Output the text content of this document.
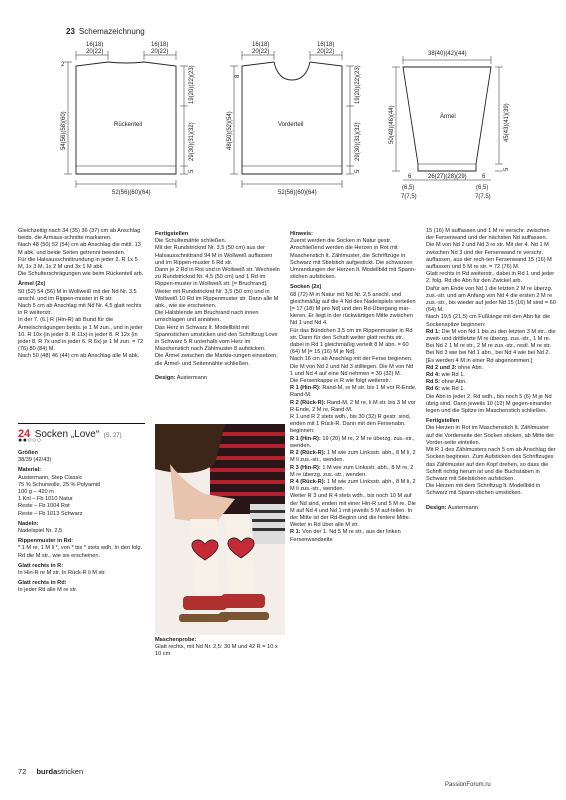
23 Schemazeichnung
16(18)
20(22)
16(18)
20(22)
2
Rückenteil
54(56)(58)(60)
19(20)(22)(23)
29(30)(31)(32)
5
52(56)(60)(64)
16(18)
20(22)
16(18)
20(22)
8
Vorderteil
48(50)(52)(54)
19(20)(22)(23)
29(30)(31)(32)
5
52(56)(60)(64)
38(40)(42)(44)
Ärmel
50(48)(46)(44)	45(43)(41)(39)
5
26(27)(28)(29)
6
(6,5)
7(7,5)
6
(6,5)
7(7,5)

Gleichzeitig nach 34 (35) 36 (37) cm ab Anschlag beids. die Armaus-schnitte markieren.

Nach 48 (50) 52 (54) cm ab Anschlag die mittl. 13 M abk. und beide Seiten getrennt beenden.

Für die Halsausschnittrundung in jeder 2. R 1x 5 M, 1x 3 M, 1x 2 M und 3x 1 M abk.

Die Schulterschrägungen wie beim Rückenteil arb.

Ärmel (2x)

50 (52) 54 (56) M in Wollweiß mit der Nd Nr. 3,5 anschl. und im Rippen-muster in R str.

Nach 5 cm ab Anschlag mit Nd Nr. 4,5 glatt rechts in R weiterstr.

In der 7. (6.) R (Hin-R) ab Bund für die Ärmelschrägungen beids. je 1 M zun., und in jeder 10. R 10x (in jeder 8. R 11x) in jeder 8. R 12x (in jeder 8. R 7x und in jeder 6. R 6x) je 1 M zun. = 72 (76) 80 (84) M.

Nach 50 (48) 46 (44) cm ab Anschlag alle M abk.

24 Socken „Love“ (S. 27)
●●○○○

Größen

38/39 (42/43)

Material:

Austermann, Step Classic

75 % Schurwolle, 25 % Polyamid

100 g – 420 m

1 Knl – Fb 1010 Natur

Reste – Fb 1004 Rot

Reste – Fb 1013 Schwarz

Nadeln:

Nadelspiel Nr. 2,5

Rippenmuster in Rd:

* 1 M re, 1 M li *, von * bis * stets wdh. In den folg. Rd die M str., wie sie erscheinen.

Glatt rechts in R:

In Hin-R re M str. In Rück-R li M str.

Glatt rechts in Rd:

In jeder Rd alle M re str.

Maschenprobe:
Glatt rechts, mit Nd Nr. 2,5: 30 M und 42 R = 10 x 10 cm

Fertigstellen

Die Schultemähte schließen.

Mit der Rundstricknd Nr. 3,5 (50 cm) aus der Halsausschnittrand 94 M in Wollweiß auffassen und im Rippen-muster 6 Rd str.

Dann je 2 Rd in Rot und in Wollweiß str. Wechseln zu Rundstricknd Nr. 4,5 (50 cm) und 1 Rd im Rippen-muster in Wollweiß str. [= Bruchrand]. Weiter mit Rundstricknd Nr. 3,5 (50 cm) und in Wollweiß 10 Rd im Rippenmuster str. Dann alle M abk., wie sie erscheinen.

Die Halsblende am Bruchrand nach innen umschlagen und annähen.

Das Herz in Schwarz lt. Modellbild mit Spannstichen umsticken und den Schriftzug Love in Schwarz 5 R unterhalb vom Herz im Maschenstich nach Zählmuster 8 aufsticken.

Die Ärmel zwischen die Markie-rungen einsetzen, die Ärmel- und Seitennähte schließen.

Design: Austermann

Hinweis:

Zuerst werden die Socken in Natur gestr. Anschließend werden die Herzen in Rot mit Maschenstich lt. Zählmuster, die Schriftzüge in Schwarz mit Stielstich aufgestickt. Die schwarzen Umrandungen der Herzen lt. Modellbild mit Spann-stichen aufsticken.

Socken (2x)

68 (72) M in Natur mit Nd Nr. 2,5 anschl. und gleichmäßig auf die 4 Nd des Nadelspiels verteilen [= 17 (18) M pro Nd] und den Rd-Übergang mar-kieren. Er liegt in der rückwärtigen Mitte zwischen Nd 1 und Nd 4.

Für das Bündchen 3,5 cm im Rippenmuster in Rd str. Dann für den Schaft weiter glatt rechts str., dabei in Rd 1 gleichmäßig verteilt 8 M abn. = 60 (64) M [= 15 (16) M je Nd].

Nach 16 cm ab Anschlag mit der Ferse beginnen. Die M von Nd 2 und Nd 3 stilllegen. Die M von Nd 1 und Nd 4 auf eine Nd nehmen = 30 (32) M.

Die Fersenkappe in R wie folgt weiterstr.:

R 1 (Hin-R): Rand-M, re M str. bis 1 M vor R-Ende, Rand-M.

R 2 (Rück-R): Rand-M, 2 M re, li M str. bis 3 M vor R-Ende, 2 M re, Rand-M.

R 1 und R 2 stets wdh., bis 30 (32) R gestr. sind, enden mit 1 Rück-R. Dann mit den Fersenabn. beginnen:

R 1 (Hin-R): 19 (20) M re, 2 M re überzg. zus.-str., wenden.

R 2 (Rück-R): 1 M wie zum Linksstr. abh., 8 M li, 2 M li zus.-str., wenden.

R 3 (Hin-R): 1 M wie zum Linksstr. abh., 8 M re, 2 M re überzg. zus.-str., wenden.

R 4 (Rück-R): 1 M wie zum Linksstr. abh., 8 M li, 2 M li zus.-str., wenden.

Weiter R 3 und R 4 stets wdh., bis noch 10 M auf der Nd sind, enden mit einer Hin-R und 5 M re. Die M auf Nd 4 und Nd 1 mit jeweils 5 M auf-teilen. In der Mitte ist der Rd-Beginn und die hintere Mitte.

Weiter in Rd über alle M str.

R 1: Von der 1. Nd 5 M re str., aus der linken Fersenwandseite

15 (16) M auffassen und 1 M re verschr. zwischen der Fersenwand und der nächsten Nd auffassen. Die M von Nd 2 und Nd 3 re str. Mit der 4. Nd 1 M zwischen Nd 3 und der Fersenwand re verschr. auffassen, aus der rech-ten Fersenwand 15 (16) M auffassen und 5 M re str. = 72 (76) M.

Glatt rechts in Rd weiterstr., dabei in Rd 1 und jeder 2. folg. Rd die Abn für den Zwickel arb.

Dafür am Ende von Nd 1 die letzten 2 M re überzg. zus.-str. und am Anfang von Nd 4 die ersten 2 M re zus.-str., bis wieder auf jeder Nd 15 (16) M sind = 60 (64) M.

Nach 19,5 (21,5) cm Fußlänge mit den Abn für die Sockenspitze beginnen:

Rd 1: Die M von Nd 1 bis zu den letzten 3 M str., die zweit- und drittletzte M re überzg. zus.-str., 1 M re. Bei Nd 2 1 M re str., 2 M re zus.-str., restl. M re str. Bei Nd 3 wie bei Nd 1 abn., bei Nd 4 wie bei Nd 2. [Es werden 4 M in einer Rd abgenommen.]

Rd 2 und 3: ohne Abn.

Rd 4: wie Rd 1.

Rd 5: ohne Abn.

Rd 6: wie Rd 1.

Die Abn in jeder 2. Rd wdh., bis noch 5 (6) M je Nd übrig sind. Dann jeweils 10 (12) M gegen-einander legen und die Spitze im Maschenstich schließen.

Fertigstellen

Die Herzen in Rot im Maschenstich lt. Zählmuster auf die Vorderseite der Socken sticken, ab Mitte der Vorder-seite einteilen.

Mit R 1 des Zählmusters nach 5 cm ab Anschlag der Socken beginnen. Zum Aufsticken des Schriftzuges das Zählmuster auf den Kopf drehen, so dass die Schrift richtig herum ist und die Buchstaben in Schwarz mit Stielstichen aufsticken.

Die Herzen mit dem Schriftzug lt. Modellbild in Schwarz mit Spann-stichen umsticken.

Design: Austermann

72 burdastricken
PassionForum.ru
